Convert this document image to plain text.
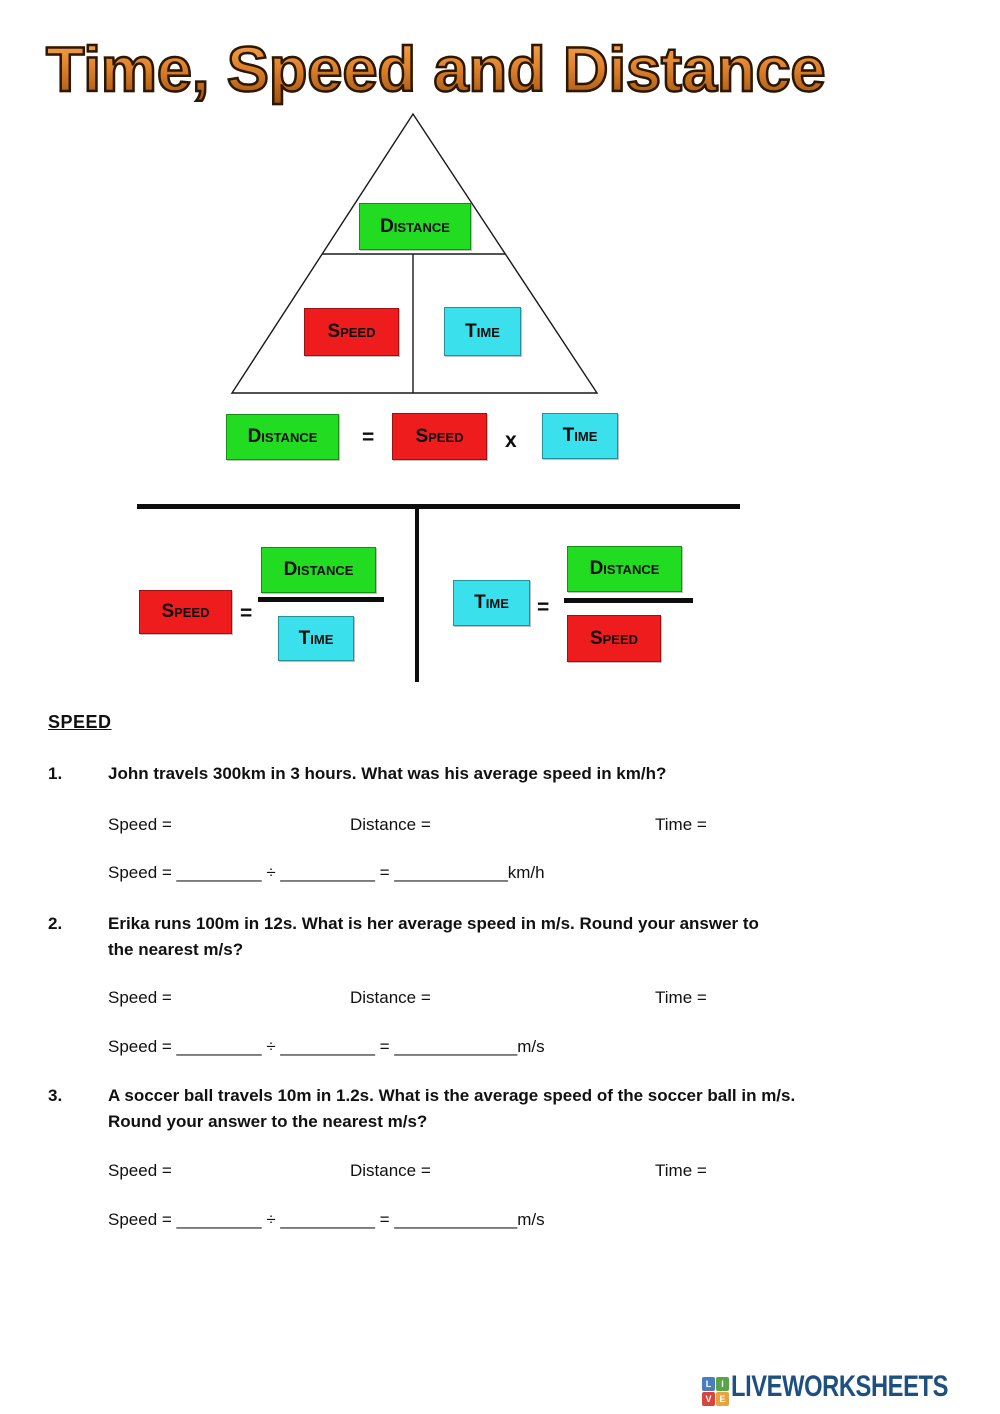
Time, Speed and Distance
Distance
Speed	Time
Distance	=	Speed	x	Time
Speed	=
Distance
Time
Time	=
Distance
Speed
SPEED
1.	John travels 300km in 3 hours. What was his average speed in km/h?
Speed =	Distance =	Time =
Speed = _________ ÷ __________ = ____________km/h
2.	Erika runs 100m in 12s. What is her average speed in m/s. Round your answer to
the nearest m/s?
Speed =	Distance =	Time =
Speed = _________ ÷ __________ = _____________m/s
3.	A soccer ball travels 10m in 1.2s. What is the average speed of the soccer ball in m/s.
Round your answer to the nearest m/s?
Speed =	Distance =	Time =
Speed = _________ ÷ __________ = _____________m/s
L	I
V E LIVEWORKSHEETS
